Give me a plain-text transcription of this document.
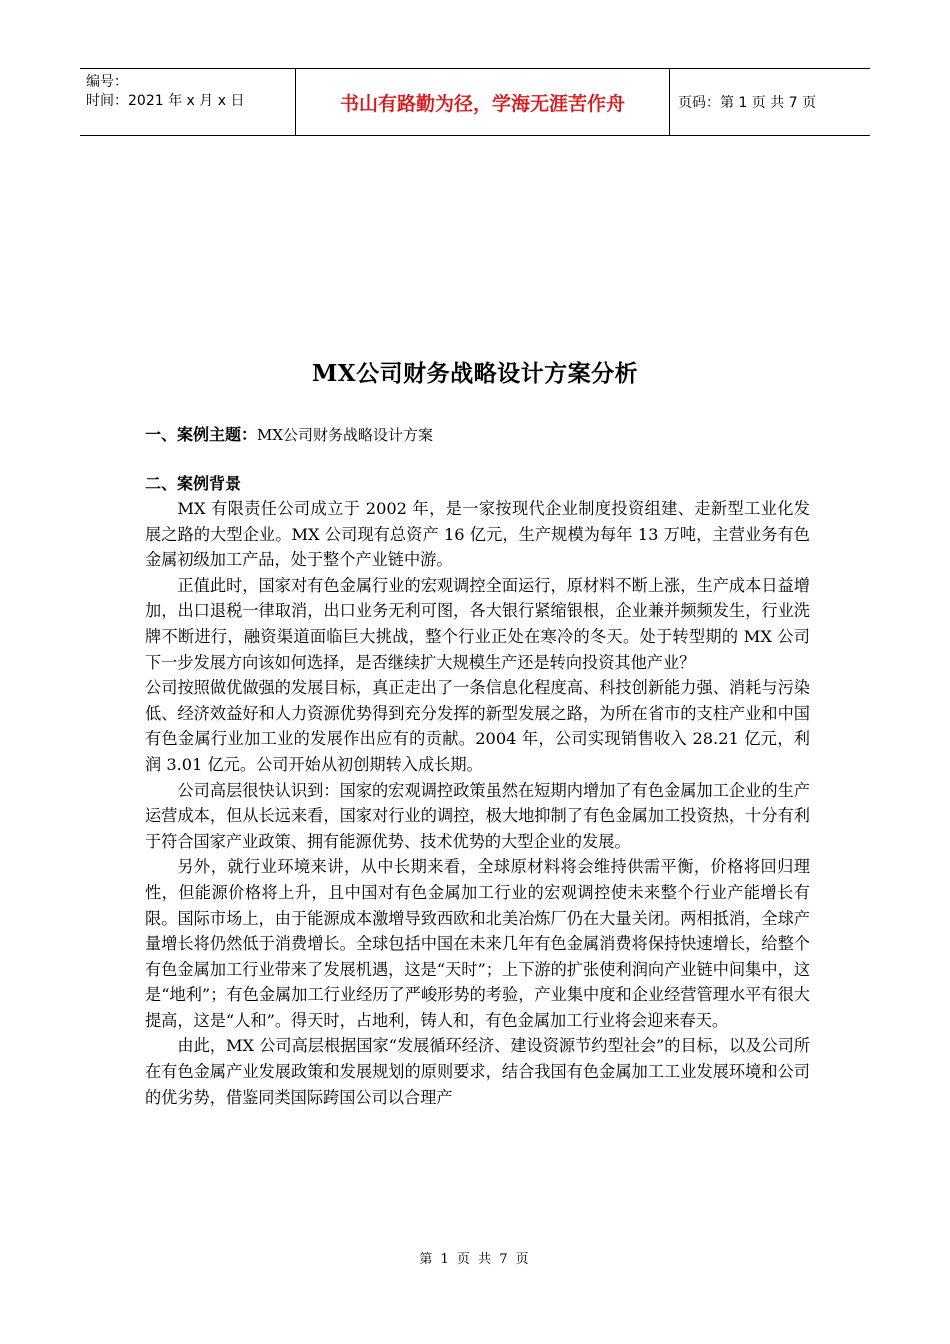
编号：
时间：2021 年 x 月 x 日	书山有路勤为径，学海无涯苦作舟	页码：第 1 页 共 7 页
MX公司财务战略设计方案分析
一、案例主题：MX公司财务战略设计方案
二、案例背景

MX 有限责任公司成立于 2002 年，是一家按现代企业制度投资组建、走新型工业化发展之路的大型企业。MX 公司现有总资产 16 亿元，生产规模为每年 13 万吨，主营业务有色金属初级加工产品，处于整个产业链中游。

正值此时，国家对有色金属行业的宏观调控全面运行，原材料不断上涨，生产成本日益增加，出口退税一律取消，出口业务无利可图，各大银行紧缩银根，企业兼并频频发生，行业洗牌不断进行，融资渠道面临巨大挑战，整个行业正处在寒冷的冬天。处于转型期的 MX 公司下一步发展方向该如何选择，是否继续扩大规模生产还是转向投资其他产业？

公司按照做优做强的发展目标，真正走出了一条信息化程度高、科技创新能力强、消耗与污染低、经济效益好和人力资源优势得到充分发挥的新型发展之路，为所在省市的支柱产业和中国有色金属行业加工业的发展作出应有的贡献。2004 年，公司实现销售收入 28.21 亿元，利润 3.01 亿元。公司开始从初创期转入成长期。

公司高层很快认识到：国家的宏观调控政策虽然在短期内增加了有色金属加工企业的生产运营成本，但从长远来看，国家对行业的调控，极大地抑制了有色金属加工投资热，十分有利于符合国家产业政策、拥有能源优势、技术优势的大型企业的发展。

另外，就行业环境来讲，从中长期来看，全球原材料将会维持供需平衡，价格将回归理性，但能源价格将上升，且中国对有色金属加工行业的宏观调控使未来整个行业产能增长有限。国际市场上，由于能源成本激增导致西欧和北美冶炼厂仍在大量关闭。两相抵消，全球产量增长将仍然低于消费增长。全球包括中国在未来几年有色金属消费将保持快速增长，给整个有色金属加工行业带来了发展机遇，这是“天时”；上下游的扩张使利润向产业链中间集中，这是“地利”；有色金属加工行业经历了严峻形势的考验，产业集中度和企业经营管理水平有很大提高，这是“人和”。得天时，占地利，铸人和，有色金属加工行业将会迎来春天。

由此，MX 公司高层根据国家“发展循环经济、建设资源节约型社会”的目标，以及公司所在有色金属产业发展政策和发展规划的原则要求，结合我国有色金属加工工业发展环境和公司的优劣势，借鉴同类国际跨国公司以合理产

第 1 页 共 7 页
